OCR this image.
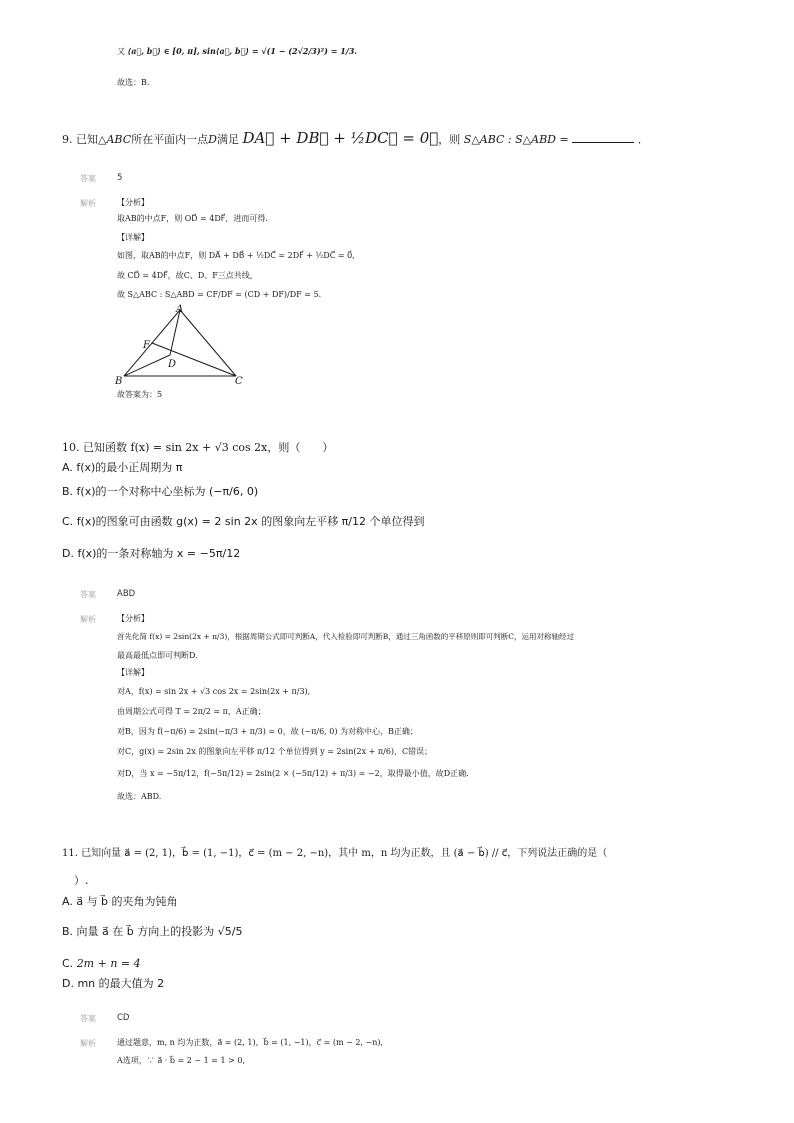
又 ⟨a⃗, b⃗⟩ ∈ [0, π], sin⟨a⃗, b⃗⟩ = √(1 − (2√2/3)²) = 1/3.
故选：B.
9. 已知△ABC所在平面内一点D满足 DA⃗ + DB⃗ + ½DC⃗ = 0⃗，则 S△ABC : S△ABD =	．
答案 5
解析	【分析】
取AB的中点F，则 OD⃗ = 4DF⃗，进而可得.
【详解】
如图，取AB的中点F，则 DA⃗ + DB⃗ + ½DC⃗ = 2DF⃗ + ½DC⃗ = 0⃗,
故 CD⃗ = 4DF⃗，故C、D、F三点共线，
故 S△ABC : S△ABD = CF/DF = (CD + DF)/DF = 5.
A
F
D
B	C
故答案为：5
10. 已知函数 f(x) = sin 2x + √3 cos 2x，则（　　）
A. f(x)的最小正周期为 π
B. f(x)的一个对称中心坐标为 (−π/6, 0)
C. f(x)的图象可由函数 g(x) = 2 sin 2x 的图象向左平移 π/12 个单位得到
D. f(x)的一条对称轴为 x = −5π/12
答案 ABD
解析	【分析】
首先化简 f(x) = 2sin(2x + π/3)，根据周期公式即可判断A，代入检验即可判断B，通过三角函数的平移原则即可判断C，运用对称轴经过
最高最低点即可判断D.
【详解】
对A，f(x) = sin 2x + √3 cos 2x = 2sin(2x + π/3),
由周期公式可得 T = 2π/2 = π，A正确；
对B，因为 f(−π/6) = 2sin(−π/3 + π/3) = 0，故 (−π/6, 0) 为对称中心，B正确；
对C，g(x) = 2sin 2x 的图象向左平移 π/12 个单位得到 y = 2sin(2x + π/6)，C错误；
对D，当 x = −5π/12，f(−5π/12) = 2sin(2 × (−5π/12) + π/3) = −2，取得最小值，故D正确.
故选：ABD.
11. 已知向量 a⃗ = (2, 1)，b⃗ = (1, −1)，c⃗ = (m − 2, −n)，其中 m，n 均为正数，且 (a⃗ − b⃗) // c⃗，下列说法正确的是（
）.
A. a⃗ 与 b⃗ 的夹角为钝角
B. 向量 a⃗ 在 b⃗ 方向上的投影为 √5/5
C. 2m + n = 4
D. mn 的最大值为 2
答案 CD
解析	通过题意，m, n 均为正数，a⃗ = (2, 1)，b⃗ = (1, −1)，c⃗ = (m − 2, −n),
A选项，∵ a⃗ · b⃗ = 2 − 1 = 1 > 0,
